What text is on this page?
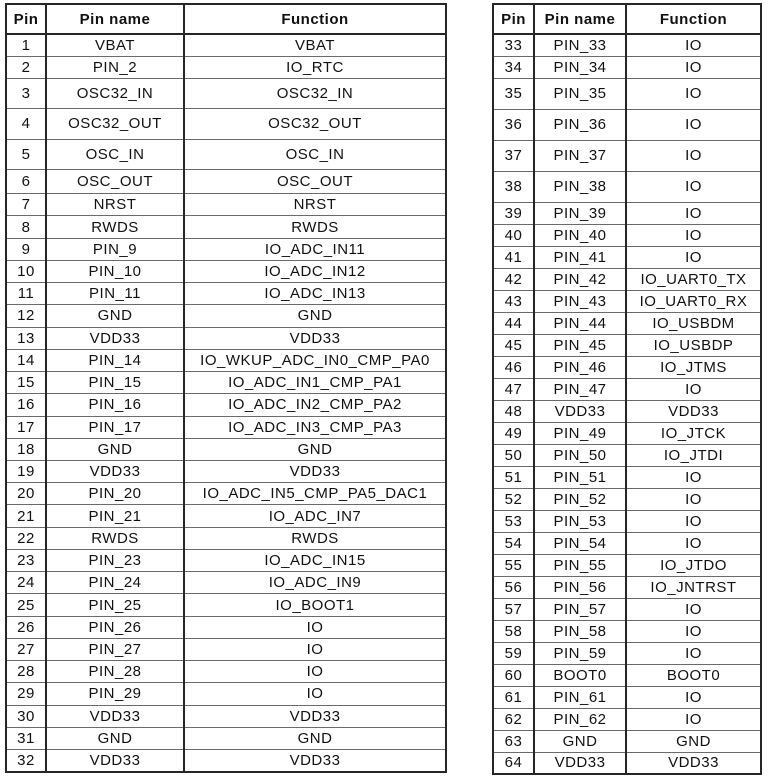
Pin	Pin name	Function
1	VBAT	VBAT
2	PIN_2	IO_RTC
3	OSC32_IN	OSC32_IN
4	OSC32_OUT	OSC32_OUT
5	OSC_IN	OSC_IN
6	OSC_OUT	OSC_OUT
7	NRST	NRST
8	RWDS	RWDS
9	PIN_9	IO_ADC_IN11
10	PIN_10	IO_ADC_IN12
11	PIN_11	IO_ADC_IN13
12	GND	GND
13	VDD33	VDD33
14	PIN_14	IO_WKUP_ADC_IN0_CMP_PA0
15	PIN_15	IO_ADC_IN1_CMP_PA1
16	PIN_16	IO_ADC_IN2_CMP_PA2
17	PIN_17	IO_ADC_IN3_CMP_PA3
18	GND	GND
19	VDD33	VDD33
20	PIN_20	IO_ADC_IN5_CMP_PA5_DAC1
21	PIN_21	IO_ADC_IN7
22	RWDS	RWDS
23	PIN_23	IO_ADC_IN15
24	PIN_24	IO_ADC_IN9
25	PIN_25	IO_BOOT1
26	PIN_26	IO
27	PIN_27	IO
28	PIN_28	IO
29	PIN_29	IO
30	VDD33	VDD33
31	GND	GND
32	VDD33	VDD33
Pin	Pin name	Function
33	PIN_33	IO
34	PIN_34	IO
35	PIN_35	IO
36	PIN_36	IO
37	PIN_37	IO
38	PIN_38	IO
39	PIN_39	IO
40	PIN_40	IO
41	PIN_41	IO
42	PIN_42	IO_UART0_TX
43	PIN_43	IO_UART0_RX
44	PIN_44	IO_USBDM
45	PIN_45	IO_USBDP
46	PIN_46	IO_JTMS
47	PIN_47	IO
48	VDD33	VDD33
49	PIN_49	IO_JTCK
50	PIN_50	IO_JTDI
51	PIN_51	IO
52	PIN_52	IO
53	PIN_53	IO
54	PIN_54	IO
55	PIN_55	IO_JTDO
56	PIN_56	IO_JNTRST
57	PIN_57	IO
58	PIN_58	IO
59	PIN_59	IO
60	BOOT0	BOOT0
61	PIN_61	IO
62	PIN_62	IO
63	GND	GND
64	VDD33	VDD33
